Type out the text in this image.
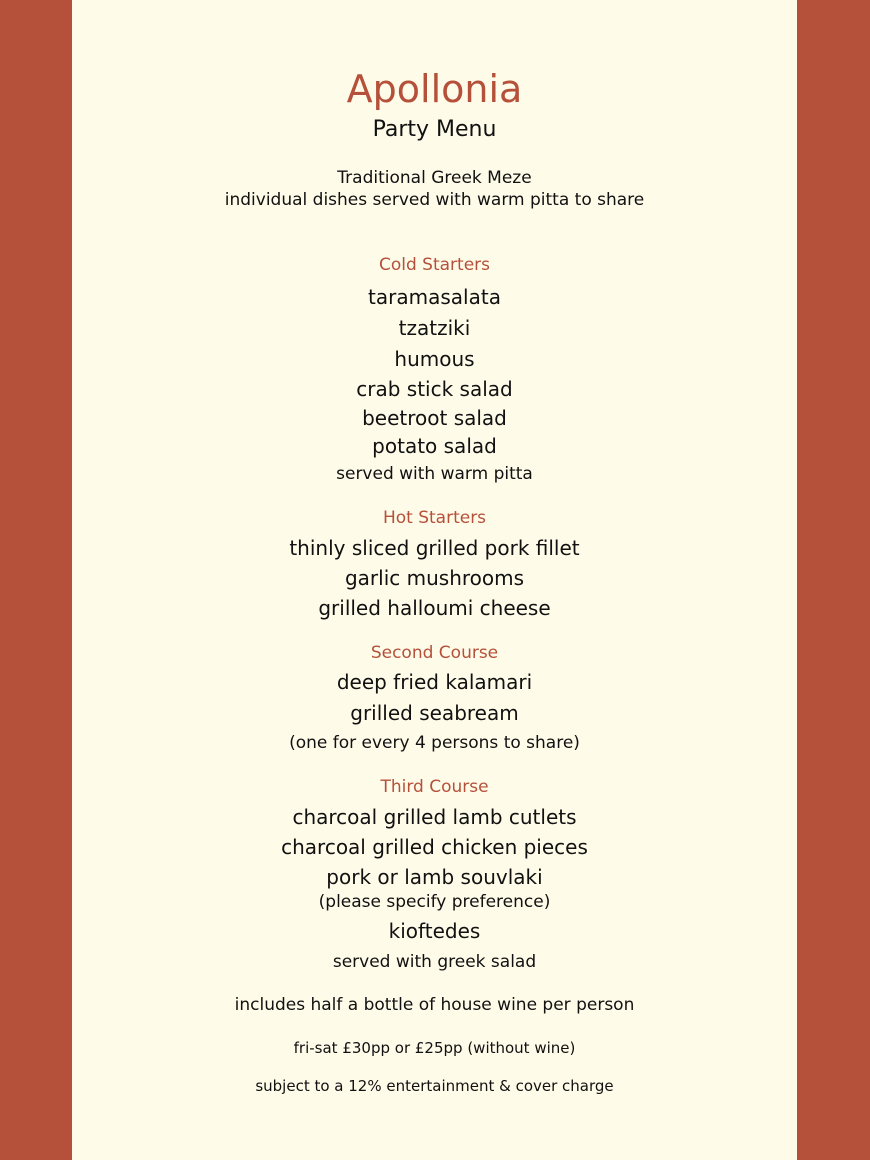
Apollonia
Party Menu
Traditional Greek Meze
individual dishes served with warm pitta to share
Cold Starters
taramasalata
tzatziki
humous
crab stick salad
beetroot salad
potato salad
served with warm pitta
Hot Starters
thinly sliced grilled pork fillet
garlic mushrooms
grilled halloumi cheese
Second Course
deep fried kalamari
grilled seabream
(one for every 4 persons to share)
Third Course
charcoal grilled lamb cutlets
charcoal grilled chicken pieces
pork or lamb souvlaki
(please specify preference)
kioftedes
served with greek salad
includes half a bottle of house wine per person
fri-sat £30pp or £25pp (without wine)
subject to a 12% entertainment & cover charge
